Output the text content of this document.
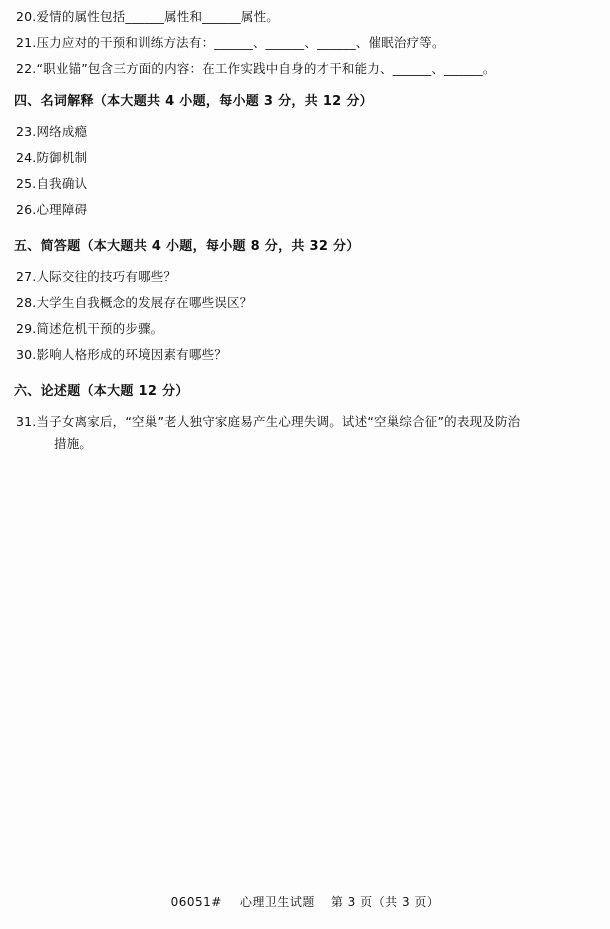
20.爱情的属性包括______属性和______属性。
21.压力应对的干预和训练方法有：______、______、______、催眠治疗等。
22.“职业锚”包含三方面的内容：在工作实践中自身的才干和能力、______、______。
四、名词解释（本大题共 4 小题，每小题 3 分，共 12 分）
23.网络成瘾
24.防御机制
25.自我确认
26.心理障碍
五、简答题（本大题共 4 小题，每小题 8 分，共 32 分）
27.人际交往的技巧有哪些？
28.大学生自我概念的发展存在哪些误区？
29.简述危机干预的步骤。
30.影响人格形成的环境因素有哪些？
六、论述题（本大题 12 分）
31.当子女离家后，“空巢”老人独守家庭易产生心理失调。试述“空巢综合征”的表现及防治
措施。
06051# 心理卫生试题 第 3 页（共 3 页）
